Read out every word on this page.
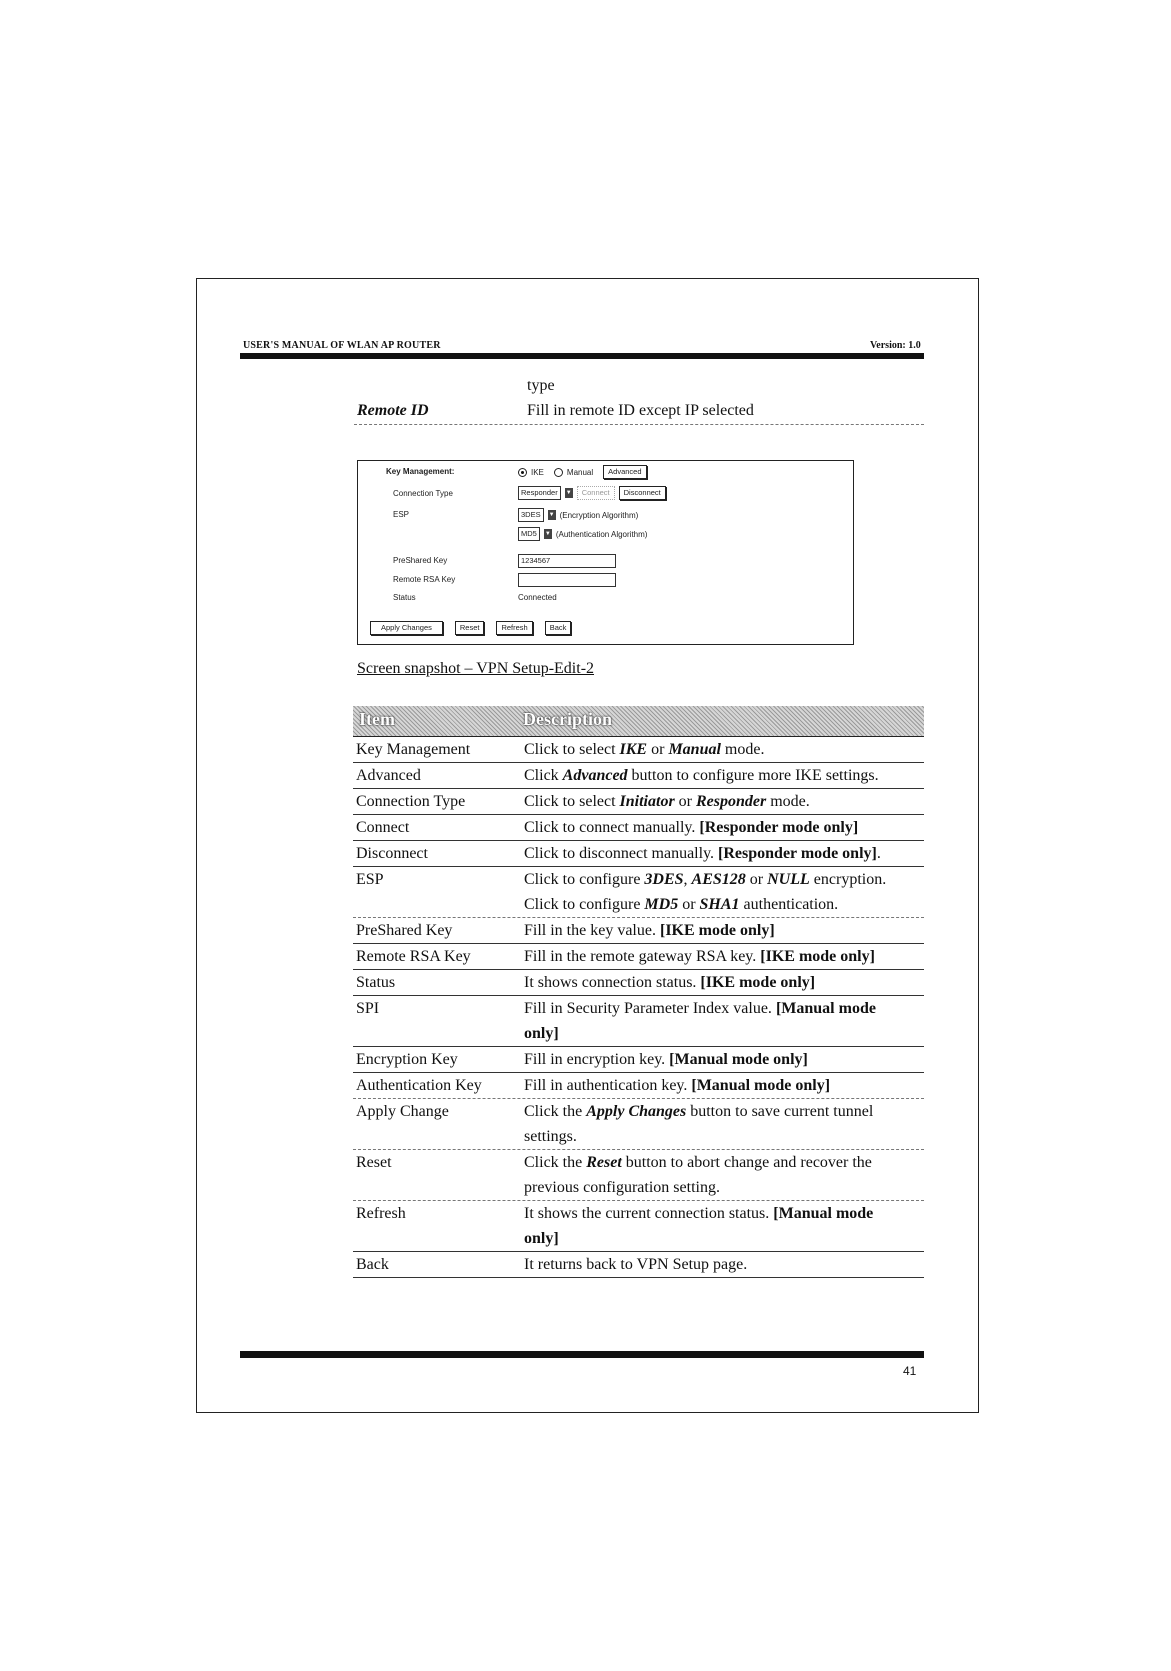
USER'S MANUAL OF WLAN AP ROUTER	Version: 1.0
type
Remote ID	Fill in remote ID except IP selected
Key Management:	IKE	Manual	Advanced
Connection Type	Responder	▼	Connect	Disconnect
ESP	3DES	▼ (Encryption Algorithm)
MD5	▼ (Authentication Algorithm)
PreShared Key	1234567
Remote RSA Key
Status	Connected
Apply Changes	Reset	Refresh	Back
Screen snapshot – VPN Setup-Edit-2
Item	Description
Key Management	Click to select IKE or Manual mode.
Advanced	Click Advanced button to configure more IKE settings.
Connection Type	Click to select Initiator or Responder mode.
Connect	Click to connect manually. [Responder mode only]
Disconnect	Click to disconnect manually. [Responder mode only].
ESP	Click to configure 3DES, AES128 or NULL encryption.
Click to configure MD5 or SHA1 authentication.
PreShared Key	Fill in the key value. [IKE mode only]
Remote RSA Key	Fill in the remote gateway RSA key. [IKE mode only]
Status	It shows connection status. [IKE mode only]
SPI	Fill in Security Parameter Index value. [Manual mode
only]
Encryption Key	Fill in encryption key. [Manual mode only]
Authentication Key	Fill in authentication key. [Manual mode only]
Apply Change	Click the Apply Changes button to save current tunnel
settings.
Reset	Click the Reset button to abort change and recover the
previous configuration setting.
Refresh	It shows the current connection status. [Manual mode
only]
Back	It returns back to VPN Setup page.
41
